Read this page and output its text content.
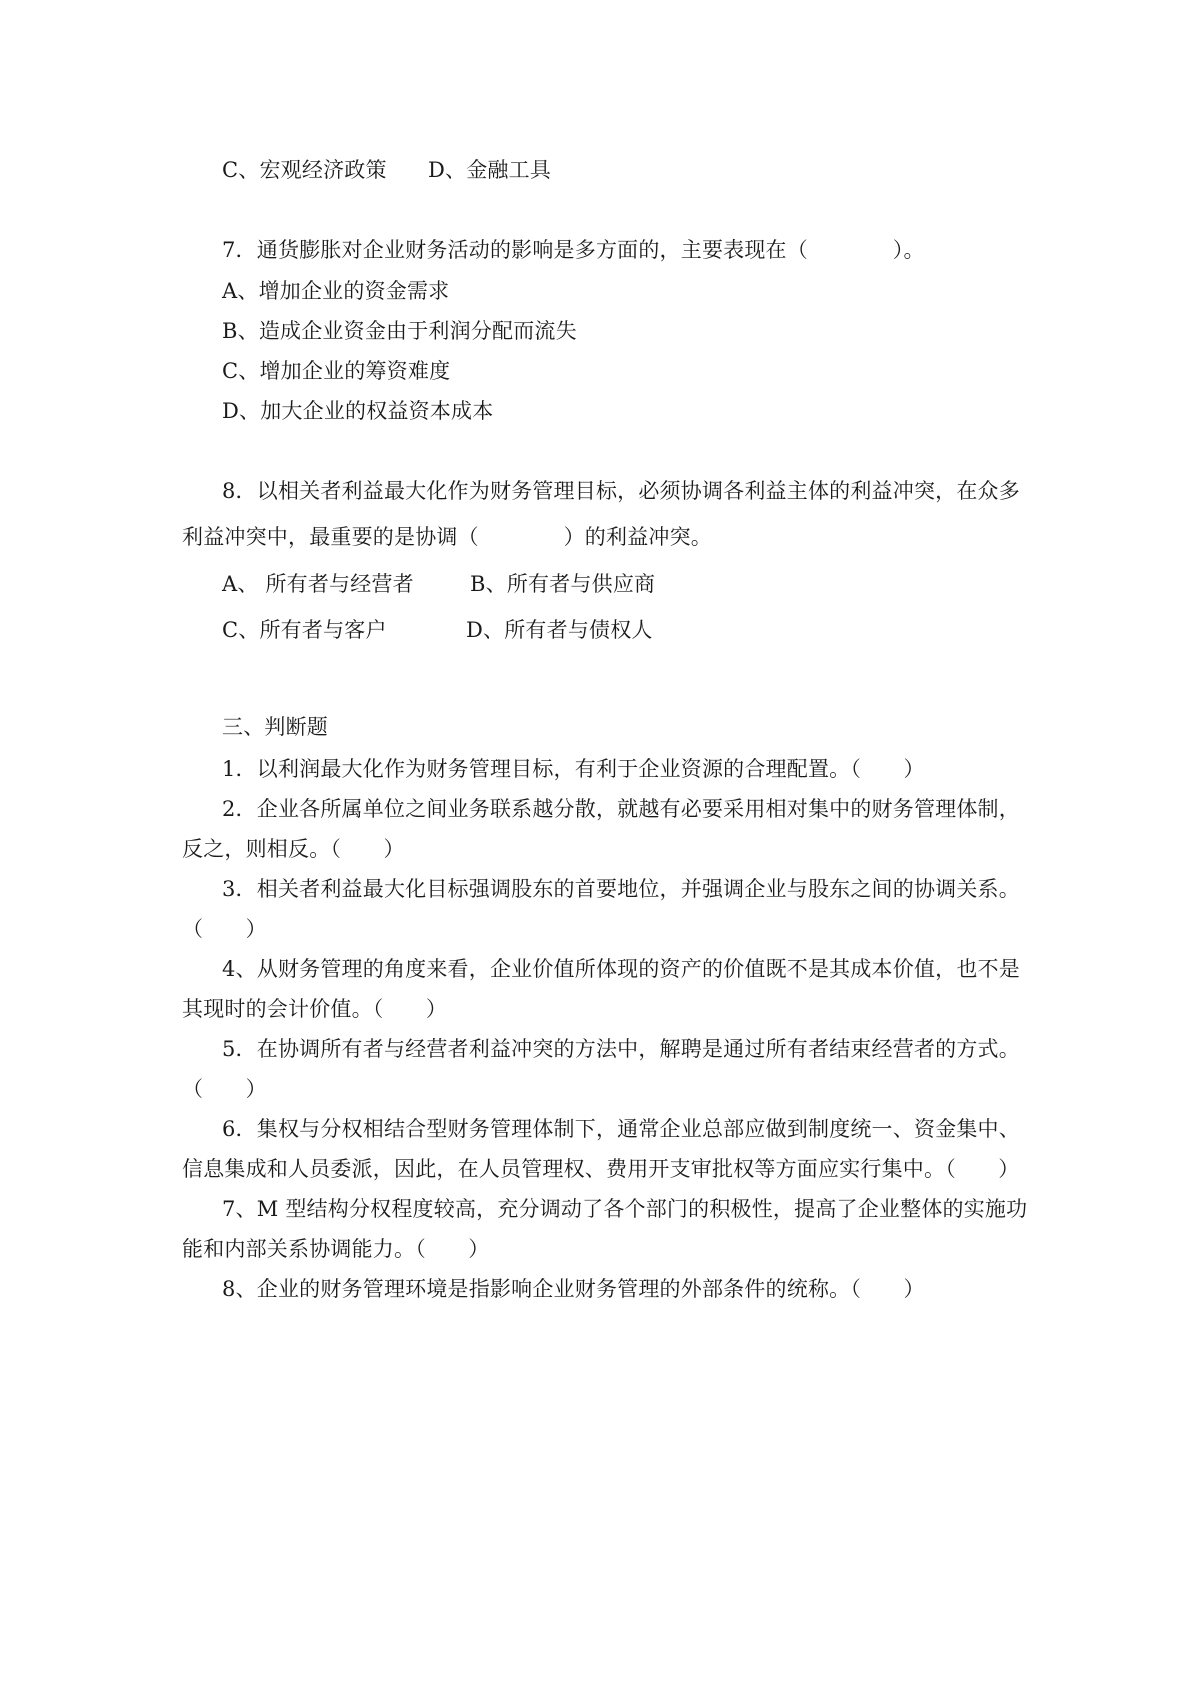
C、宏观经济政策 D、金融工具
7．通货膨胀对企业财务活动的影响是多方面的，主要表现在（　　　　）。
A、增加企业的资金需求
B、造成企业资金由于利润分配而流失
C、增加企业的筹资难度
D、加大企业的权益资本成本
8．以相关者利益最大化作为财务管理目标，必须协调各利益主体的利益冲突，在众多
利益冲突中，最重要的是协调（　　　　）的利益冲突。
A、 所有者与经营者	B、所有者与供应商
C、所有者与客户	D、所有者与债权人
三、判断题
1．以利润最大化作为财务管理目标，有利于企业资源的合理配置。（　　）
2．企业各所属单位之间业务联系越分散，就越有必要采用相对集中的财务管理体制，
反之，则相反。（　　）
3．相关者利益最大化目标强调股东的首要地位，并强调企业与股东之间的协调关系。
（　　）
4、从财务管理的角度来看，企业价值所体现的资产的价值既不是其成本价值，也不是
其现时的会计价值。（　　）
5．在协调所有者与经营者利益冲突的方法中，解聘是通过所有者结束经营者的方式。
（　　）
6．集权与分权相结合型财务管理体制下，通常企业总部应做到制度统一、资金集中、
信息集成和人员委派，因此，在人员管理权、费用开支审批权等方面应实行集中。（　　）
7、M 型结构分权程度较高，充分调动了各个部门的积极性，提高了企业整体的实施功
能和内部关系协调能力。（　　）
8、企业的财务管理环境是指影响企业财务管理的外部条件的统称。（　　）
